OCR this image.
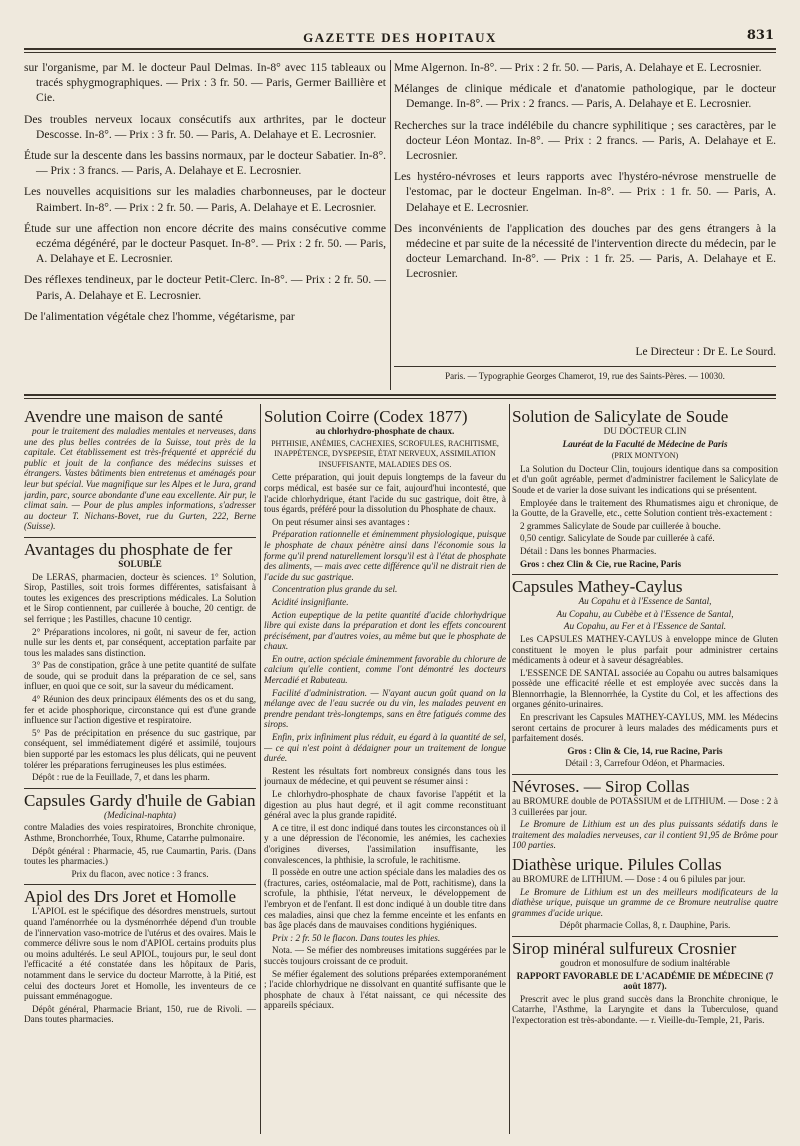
GAZETTE DES HOPITAUX	831
sur l'organisme, par M. le docteur Paul Delmas. In-8° avec 115 tableaux ou tracés sphygmographiques. — Prix : 3 fr. 50. — Paris, Germer Baillière et Cie.
Des troubles nerveux locaux consécutifs aux arthrites, par le docteur Descosse. In-8°. — Prix : 3 fr. 50. — Paris, A. Delahaye et E. Lecrosnier.
Étude sur la descente dans les bassins normaux, par le docteur Sabatier. In-8°. — Prix : 3 francs. — Paris, A. Delahaye et E. Lecrosnier.
Les nouvelles acquisitions sur les maladies charbonneuses, par le docteur Raimbert. In-8°. — Prix : 2 fr. 50. — Paris, A. Delahaye et E. Lecrosnier.
Étude sur une affection non encore décrite des mains consécutive comme eczéma dégénéré, par le docteur Pasquet. In-8°. — Prix : 2 fr. 50. — Paris, A. Delahaye et E. Lecrosnier.
Des réflexes tendineux, par le docteur Petit-Clerc. In-8°. — Prix : 2 fr. 50. — Paris, A. Delahaye et E. Lecrosnier.
De l'alimentation végétale chez l'homme, végétarisme, par
Mme Algernon. In-8°. — Prix : 2 fr. 50. — Paris, A. Delahaye et E. Lecrosnier.
Mélanges de clinique médicale et d'anatomie pathologique, par le docteur Demange. In-8°. — Prix : 2 francs. — Paris, A. Delahaye et E. Lecrosnier.
Recherches sur la trace indélébile du chancre syphilitique ; ses caractères, par le docteur Léon Montaz. In-8°. — Prix : 2 francs. — Paris, A. Delahaye et E. Lecrosnier.
Les hystéro-névroses et leurs rapports avec l'hystéro-névrose menstruelle de l'estomac, par le docteur Engelman. In-8°. — Prix : 1 fr. 50. — Paris, A. Delahaye et E. Lecrosnier.
Des inconvénients de l'application des douches par des gens étrangers à la médecine et par suite de la nécessité de l'intervention directe du médecin, par le docteur Lemarchand. In-8°. — Prix : 1 fr. 25. — Paris, A. Delahaye et E. Lecrosnier.
Le Directeur : Dr E. Le Sourd.
Paris. — Typographie Georges Chamerot, 19, rue des Saints-Pères. — 10030.

Avendre une maison de santé

pour le traitement des maladies mentales et nerveuses, dans une des plus belles contrées de la Suisse, tout près de la capitale. Cet établissement est très-fréquenté et apprécié du public et jouit de la confiance des médecins suisses et étrangers. Vastes bâtiments bien entretenus et aménagés pour leur but spécial. Vue magnifique sur les Alpes et le Jura, grand jardin, parc, source abondante d'une eau excellente. Air pur, le climat sain. — Pour de plus amples informations, s'adresser au docteur T. Nichans-Bovet, rue du Gurten, 222, Berne (Suisse).

Avantages du phosphate de fer

SOLUBLE

De LERAS, pharmacien, docteur ès sciences. 1° Solution, Sirop, Pastilles, soit trois formes différentes, satisfaisant à toutes les exigences des prescriptions médicales. La Solution et le Sirop contiennent, par cuillerée à bouche, 20 centigr. de sel ferrique ; les Pastilles, chacune 10 centigr.

2° Préparations incolores, ni goût, ni saveur de fer, action nulle sur les dents et, par conséquent, acceptation parfaite par tous les malades sans distinction.

3° Pas de constipation, grâce à une petite quantité de sulfate de soude, qui se produit dans la préparation de ce sel, sans influer, en quoi que ce soit, sur la saveur du médicament.

4° Réunion des deux principaux éléments des os et du sang, fer et acide phosphorique, circonstance qui est d'une grande influence sur l'action digestive et respiratoire.

5° Pas de précipitation en présence du suc gastrique, par conséquent, sel immédiatement digéré et assimilé, toujours bien supporté par les estomacs les plus délicats, qui ne peuvent tolérer les préparations ferrugineuses les plus estimées.

Dépôt : rue de la Feuillade, 7, et dans les pharm.

Capsules Gardy d'huile de Gabian

(Medicinal-naphta)

contre Maladies des voies respiratoires, Bronchite chronique, Asthme, Bronchorrhée, Toux, Rhume, Catarrhe pulmonaire.

Dépôt général : Pharmacie, 45, rue Caumartin, Paris. (Dans toutes les pharmacies.)

Prix du flacon, avec notice : 3 francs.

Apiol des Drs Joret et Homolle

L'APIOL est le spécifique des désordres menstruels, surtout quand l'aménorrhée ou la dysménorrhée dépend d'un trouble de l'innervation vaso-motrice de l'utérus et des ovaires. Mais le commerce délivre sous le nom d'APIOL certains produits plus ou moins adultérés. Le seul APIOL, toujours pur, le seul dont l'efficacité a été constatée dans les hôpitaux de Paris, notamment dans le service du docteur Marrotte, à la Pitié, est celui des docteurs Joret et Homolle, les inventeurs de ce puissant emménagogue.

Dépôt général, Pharmacie Briant, 150, rue de Rivoli. — Dans toutes pharmacies.

Solution Coirre (Codex 1877)

au chlorhydro-phosphate de chaux.

PHTHISIE, ANÉMIES, CACHEXIES, SCROFULES, RACHITISME, INAPPÉTENCE, DYSPEPSIE, ÉTAT NERVEUX, ASSIMILATION INSUFFISANTE, MALADIES DES OS.

Cette préparation, qui jouit depuis longtemps de la faveur du corps médical, est basée sur ce fait, aujourd'hui incontesté, que l'acide chlorhydrique, étant l'acide du suc gastrique, doit être, à tous égards, préféré pour la dissolution du Phosphate de chaux.

On peut résumer ainsi ses avantages :

Préparation rationnelle et éminemment physiologique, puisque le phosphate de chaux pénètre ainsi dans l'économie sous la forme qu'il prend naturellement lorsqu'il est à l'état de phosphate des aliments, — mais avec cette différence qu'il ne distrait rien de l'acide du suc gastrique.

Concentration plus grande du sel.

Acidité insignifiante.

Action eupeptique de la petite quantité d'acide chlorhydrique libre qui existe dans la préparation et dont les effets concourent précisément, par d'autres voies, au même but que le phosphate de chaux.

En outre, action spéciale éminemment favorable du chlorure de calcium qu'elle contient, comme l'ont démontré les docteurs Mercadié et Rabuteau.

Facilité d'administration. — N'ayant aucun goût quand on la mélange avec de l'eau sucrée ou du vin, les malades peuvent en prendre pendant très-longtemps, sans en être fatigués comme des sirops.

Enfin, prix infiniment plus réduit, eu égard à la quantité de sel, — ce qui n'est point à dédaigner pour un traitement de longue durée.

Restent les résultats fort nombreux consignés dans tous les journaux de médecine, et qui peuvent se résumer ainsi :

Le chlorhydro-phosphate de chaux favorise l'appétit et la digestion au plus haut degré, et il agit comme reconstituant général avec la plus grande rapidité.

A ce titre, il est donc indiqué dans toutes les circonstances où il y a une dépression de l'économie, les anémies, les cachexies d'origines diverses, l'assimilation insuffisante, les convalescences, la phthisie, la scrofule, le rachitisme.

Il possède en outre une action spéciale dans les maladies des os (fractures, caries, ostéomalacie, mal de Pott, rachitisme), dans la scrofule, la phthisie, l'état nerveux, le développement de l'embryon et de l'enfant. Il est donc indiqué à un double titre dans ces maladies, ainsi que chez la femme enceinte et les enfants en bas âge placés dans de mauvaises conditions hygiéniques.

Prix : 2 fr. 50 le flacon. Dans toutes les phies.

Nota. — Se méfier des nombreuses imitations suggérées par le succès toujours croissant de ce produit.

Se méfier également des solutions préparées extemporanément ; l'acide chlorhydrique ne dissolvant en quantité suffisante que le phosphate de chaux à l'état naissant, ce qui nécessite des appareils spéciaux.

Solution de Salicylate de Soude

DU DOCTEUR CLIN

Lauréat de la Faculté de Médecine de Paris

(PRIX MONTYON)

La Solution du Docteur Clin, toujours identique dans sa composition et d'un goût agréable, permet d'administrer facilement le Salicylate de Soude et de varier la dose suivant les indications qui se présentent.

Employée dans le traitement des Rhumatismes aigu et chronique, de la Goutte, de la Gravelle, etc., cette Solution contient très-exactement :

2 grammes Salicylate de Soude par cuillerée à bouche.

0,50 centigr. Salicylate de Soude par cuillerée à café.

Détail : Dans les bonnes Pharmacies.

Gros : chez Clin & Cie, rue Racine, Paris

Capsules Mathey-Caylus

Au Copahu et à l'Essence de Santal,

Au Copahu, au Cubèbe et à l'Essence de Santal,

Au Copahu, au Fer et à l'Essence de Santal.

Les CAPSULES MATHEY-CAYLUS à enveloppe mince de Gluten constituent le moyen le plus parfait pour administrer certains médicaments à odeur et à saveur désagréables.

L'ESSENCE DE SANTAL associée au Copahu ou autres balsamiques possède une efficacité réelle et est employée avec succès dans la Blennorrhagie, la Blennorrhée, la Cystite du Col, et les affections des organes génito-urinaires.

En prescrivant les Capsules MATHEY-CAYLUS, MM. les Médecins seront certains de procurer à leurs malades des médicaments purs et parfaitement dosés.

Gros : Clin & Cie, 14, rue Racine, Paris

Détail : 3, Carrefour Odéon, et Pharmacies.

Névroses. — Sirop Collas

au BROMURE double de POTASSIUM et de LITHIUM. — Dose : 2 à 3 cuillerées par jour.

Le Bromure de Lithium est un des plus puissants sédatifs dans le traitement des maladies nerveuses, car il contient 91,95 de Brôme pour 100 parties.

Diathèse urique. Pilules Collas

au BROMURE de LITHIUM. — Dose : 4 ou 6 pilules par jour.

Le Bromure de Lithium est un des meilleurs modificateurs de la diathèse urique, puisque un gramme de ce Bromure neutralise quatre grammes d'acide urique.

Dépôt pharmacie Collas, 8, r. Dauphine, Paris.

Sirop minéral sulfureux Crosnier

goudron et monosulfure de sodium inaltérable

RAPPORT FAVORABLE DE L'ACADÉMIE DE MÉDECINE (7 août 1877).

Prescrit avec le plus grand succès dans la Bronchite chronique, le Catarrhe, l'Asthme, la Laryngite et dans la Tuberculose, quand l'expectoration est très-abondante. — r. Vieille-du-Temple, 21, Paris.
